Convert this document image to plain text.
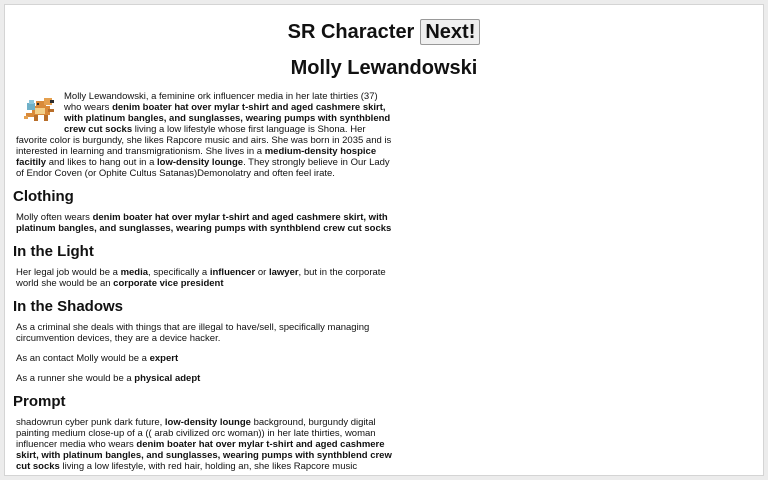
SR Character Next!
Molly Lewandowski

Molly Lewandowski, a feminine ork influencer media in her late thirties (37) who wears denim boater hat over mylar t-shirt and aged cashmere skirt, with platinum bangles, and sunglasses, wearing pumps with synthblend crew cut socks living a low lifestyle whose first language is Shona. Her favorite color is burgundy, she likes Rapcore music and airs. She was born in 2035 and is interested in learning and transmigrationism. She lives in a medium-density hospice facitily and likes to hang out in a low-density lounge. They strongly believe in Our Lady of Endor Coven (or Ophite Cultus Satanas)Demonolatry and often feel irate.

Clothing

Molly often wears denim boater hat over mylar t-shirt and aged cashmere skirt, with platinum bangles, and sunglasses, wearing pumps with synthblend crew cut socks

In the Light

Her legal job would be a media, specifically a influencer or lawyer, but in the corporate world she would be an corporate vice president

In the Shadows

As a criminal she deals with things that are illegal to have/sell, specifically managing circumvention devices, they are a device hacker.

As an contact Molly would be a expert

As a runner she would be a physical adept

Prompt

shadowrun cyber punk dark future, low-density lounge background, burgundy digital painting medium close-up of a (( arab civilized orc woman)) in her late thirties, woman influencer media who wears denim boater hat over mylar t-shirt and aged cashmere skirt, with platinum bangles, and sunglasses, wearing pumps with synthblend crew cut socks living a low lifestyle, with red hair, holding an, she likes Rapcore music
